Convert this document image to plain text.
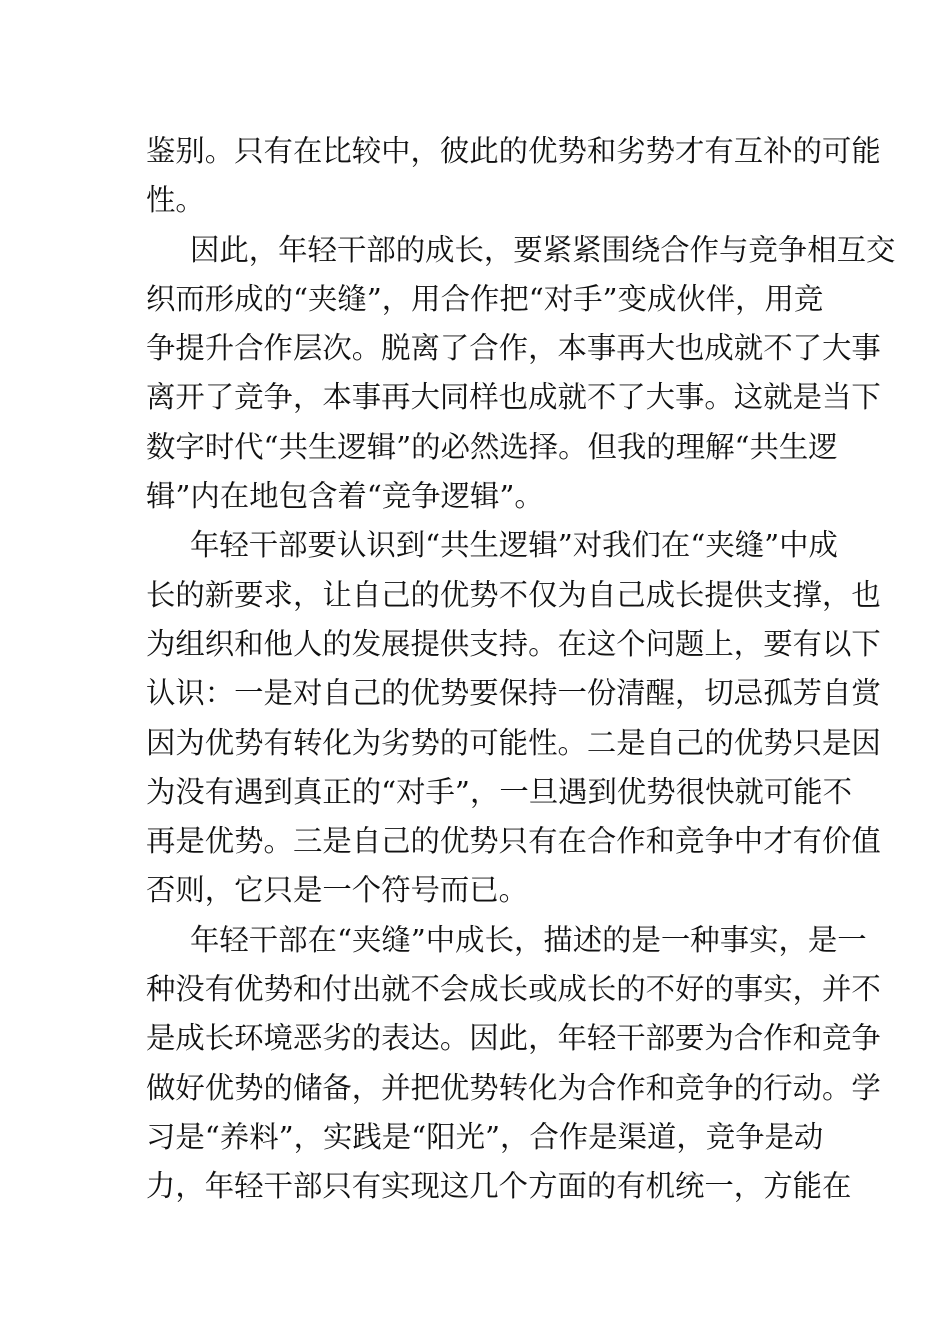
鉴别。只有在比较中，彼此的优势和劣势才有互补的可能
性。
因此，年轻干部的成长，要紧紧围绕合作与竞争相互交
织而形成的“夹缝”，用合作把“对手”变成伙伴，用竞
争提升合作层次。脱离了合作，本事再大也成就不了大事
离开了竞争，本事再大同样也成就不了大事。这就是当下
数字时代“共生逻辑”的必然选择。但我的理解“共生逻
辑”内在地包含着“竞争逻辑”。
年轻干部要认识到“共生逻辑”对我们在“夹缝”中成
长的新要求，让自己的优势不仅为自己成长提供支撑，也
为组织和他人的发展提供支持。在这个问题上，要有以下
认识：一是对自己的优势要保持一份清醒，切忌孤芳自赏
因为优势有转化为劣势的可能性。二是自己的优势只是因
为没有遇到真正的“对手”，一旦遇到优势很快就可能不
再是优势。三是自己的优势只有在合作和竞争中才有价值
否则，它只是一个符号而已。
年轻干部在“夹缝”中成长，描述的是一种事实，是一
种没有优势和付出就不会成长或成长的不好的事实，并不
是成长环境恶劣的表达。因此，年轻干部要为合作和竞争
做好优势的储备，并把优势转化为合作和竞争的行动。学
习是“养料”，实践是“阳光”，合作是渠道，竞争是动
力，年轻干部只有实现这几个方面的有机统一，方能在
